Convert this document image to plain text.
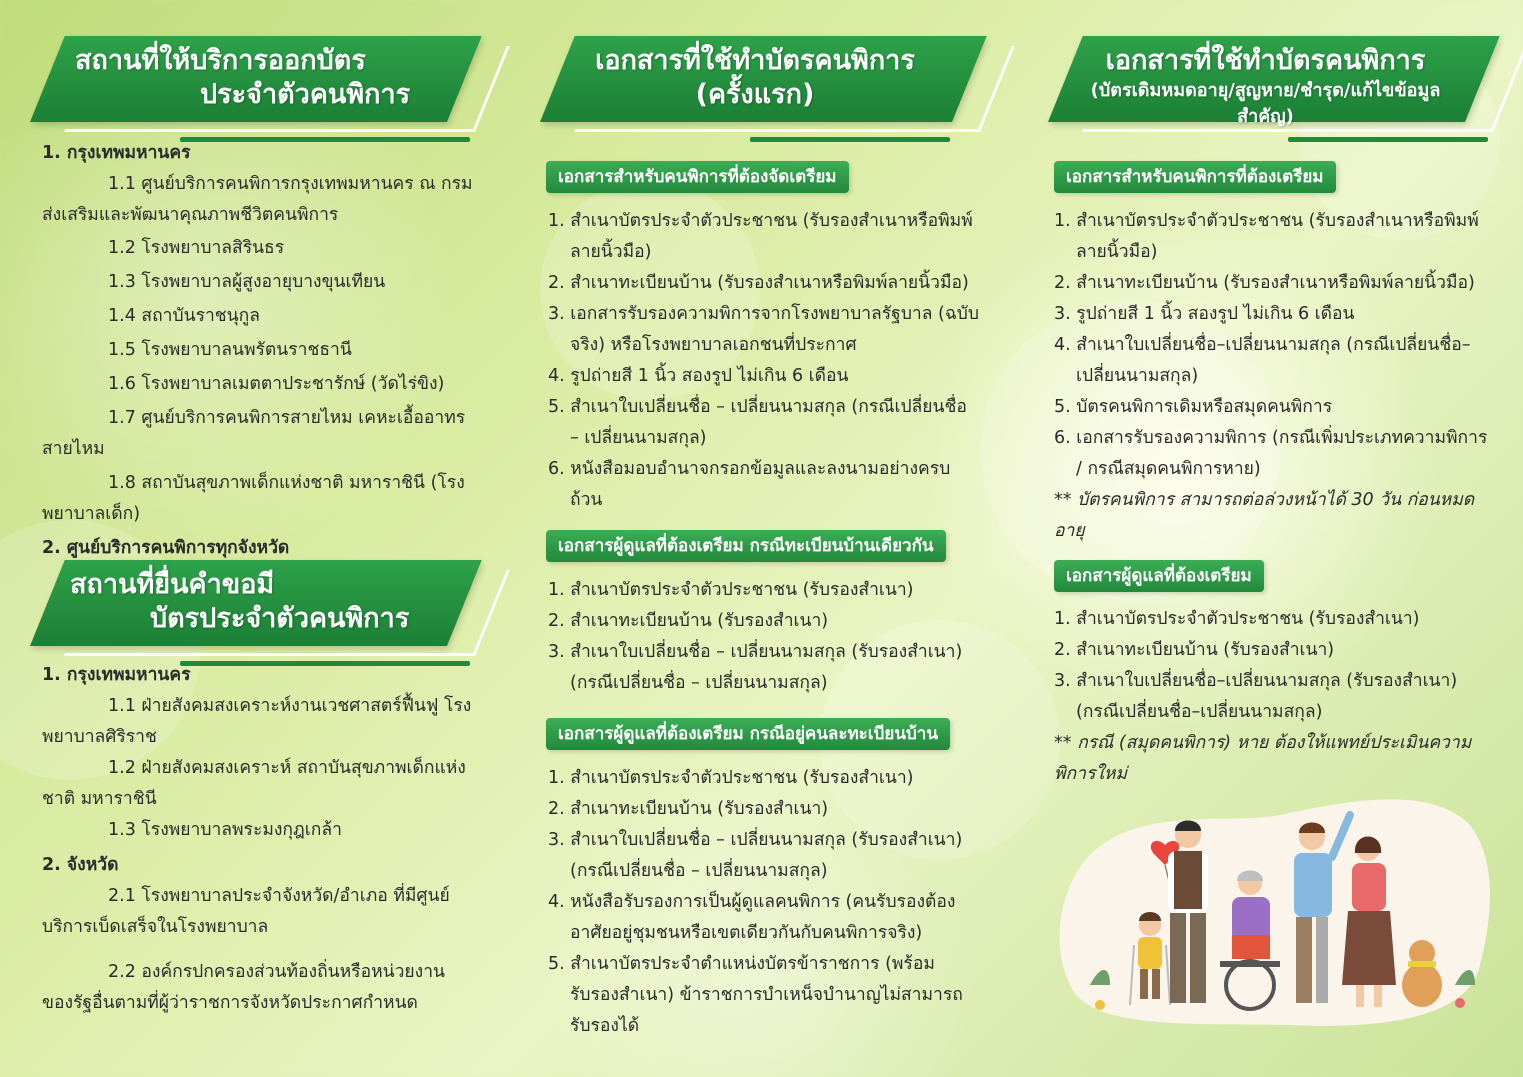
สถานที่ให้บริการออกบัตร
ประจำตัวคนพิการ
1. กรุงเทพมหานคร
1.1 ศูนย์บริการคนพิการกรุงเทพมหานคร ณ กรมส่งเสริมและพัฒนาคุณภาพชีวิตคนพิการ
1.2 โรงพยาบาลสิรินธร
1.3 โรงพยาบาลผู้สูงอายุบางขุนเทียน
1.4 สถาบันราชนุกูล
1.5 โรงพยาบาลนพรัตนราชธานี
1.6 โรงพยาบาลเมตตาประชารักษ์ (วัดไร่ขิง)
1.7 ศูนย์บริการคนพิการสายไหม เคหะเอื้ออาทร สายไหม
1.8 สถาบันสุขภาพเด็กแห่งชาติ มหาราชินี (โรงพยาบาลเด็ก)
2. ศูนย์บริการคนพิการทุกจังหวัด
สถานที่ยื่นคำขอมี
บัตรประจำตัวคนพิการ
1. กรุงเทพมหานคร
1.1 ฝ่ายสังคมสงเคราะห์งานเวชศาสตร์ฟื้นฟู โรงพยาบาลศิริราช
1.2 ฝ่ายสังคมสงเคราะห์ สถาบันสุขภาพเด็กแห่งชาติ มหาราชินี
1.3 โรงพยาบาลพระมงกุฎเกล้า
2. จังหวัด
2.1 โรงพยาบาลประจำจังหวัด/อำเภอ ที่มีศูนย์บริการเบ็ดเสร็จในโรงพยาบาล
2.2 องค์กรปกครองส่วนท้องถิ่นหรือหน่วยงานของรัฐอื่นตามที่ผู้ว่าราชการจังหวัดประกาศกำหนด
เอกสารที่ใช้ทำบัตรคนพิการ
(ครั้งแรก)
เอกสารสำหรับคนพิการที่ต้องจัดเตรียม
1. สำเนาบัตรประจำตัวประชาชน (รับรองสำเนาหรือพิมพ์ลายนิ้วมือ)
2. สำเนาทะเบียนบ้าน (รับรองสำเนาหรือพิมพ์ลายนิ้วมือ)
3. เอกสารรับรองความพิการจากโรงพยาบาลรัฐบาล (ฉบับจริง) หรือโรงพยาบาลเอกชนที่ประกาศ
4. รูปถ่ายสี 1 นิ้ว สองรูป ไม่เกิน 6 เดือน
5. สำเนาใบเปลี่ยนชื่อ – เปลี่ยนนามสกุล (กรณีเปลี่ยนชื่อ – เปลี่ยนนามสกุล)
6. หนังสือมอบอำนาจกรอกข้อมูลและลงนามอย่างครบถ้วน
เอกสารผู้ดูแลที่ต้องเตรียม กรณีทะเบียนบ้านเดียวกัน
1. สำเนาบัตรประจำตัวประชาชน (รับรองสำเนา)
2. สำเนาทะเบียนบ้าน (รับรองสำเนา)
3. สำเนาใบเปลี่ยนชื่อ – เปลี่ยนนามสกุล (รับรองสำเนา) (กรณีเปลี่ยนชื่อ – เปลี่ยนนามสกุล)
เอกสารผู้ดูแลที่ต้องเตรียม กรณีอยู่คนละทะเบียนบ้าน
1. สำเนาบัตรประจำตัวประชาชน (รับรองสำเนา)
2. สำเนาทะเบียนบ้าน (รับรองสำเนา)
3. สำเนาใบเปลี่ยนชื่อ – เปลี่ยนนามสกุล (รับรองสำเนา) (กรณีเปลี่ยนชื่อ – เปลี่ยนนามสกุล)
4. หนังสือรับรองการเป็นผู้ดูแลคนพิการ (คนรับรองต้องอาศัยอยู่ชุมชนหรือเขตเดียวกันกับคนพิการจริง)
5. สำเนาบัตรประจำตำแหน่งบัตรข้าราชการ (พร้อมรับรองสำเนา) ข้าราชการบำเหน็จบำนาญไม่สามารถรับรองได้
เอกสารที่ใช้ทำบัตรคนพิการ
(บัตรเดิมหมดอายุ/สูญหาย/ชำรุด/แก้ไขข้อมูลสำคัญ)
เอกสารสำหรับคนพิการที่ต้องเตรียม
1. สำเนาบัตรประจำตัวประชาชน (รับรองสำเนาหรือพิมพ์ลายนิ้วมือ)
2. สำเนาทะเบียนบ้าน (รับรองสำเนาหรือพิมพ์ลายนิ้วมือ)
3. รูปถ่ายสี 1 นิ้ว สองรูป ไม่เกิน 6 เดือน
4. สำเนาใบเปลี่ยนชื่อ–เปลี่ยนนามสกุล (กรณีเปลี่ยนชื่อ–เปลี่ยนนามสกุล)
5. บัตรคนพิการเดิมหรือสมุดคนพิการ
6. เอกสารรับรองความพิการ (กรณีเพิ่มประเภทความพิการ / กรณีสมุดคนพิการหาย)
** บัตรคนพิการ สามารถต่อล่วงหน้าได้ 30 วัน ก่อนหมดอายุ
เอกสารผู้ดูแลที่ต้องเตรียม
1. สำเนาบัตรประจำตัวประชาชน (รับรองสำเนา)
2. สำเนาทะเบียนบ้าน (รับรองสำเนา)
3. สำเนาใบเปลี่ยนชื่อ–เปลี่ยนนามสกุล (รับรองสำเนา) (กรณีเปลี่ยนชื่อ–เปลี่ยนนามสกุล)
** กรณี (สมุดคนพิการ) หาย ต้องให้แพทย์ประเมินความพิการใหม่
